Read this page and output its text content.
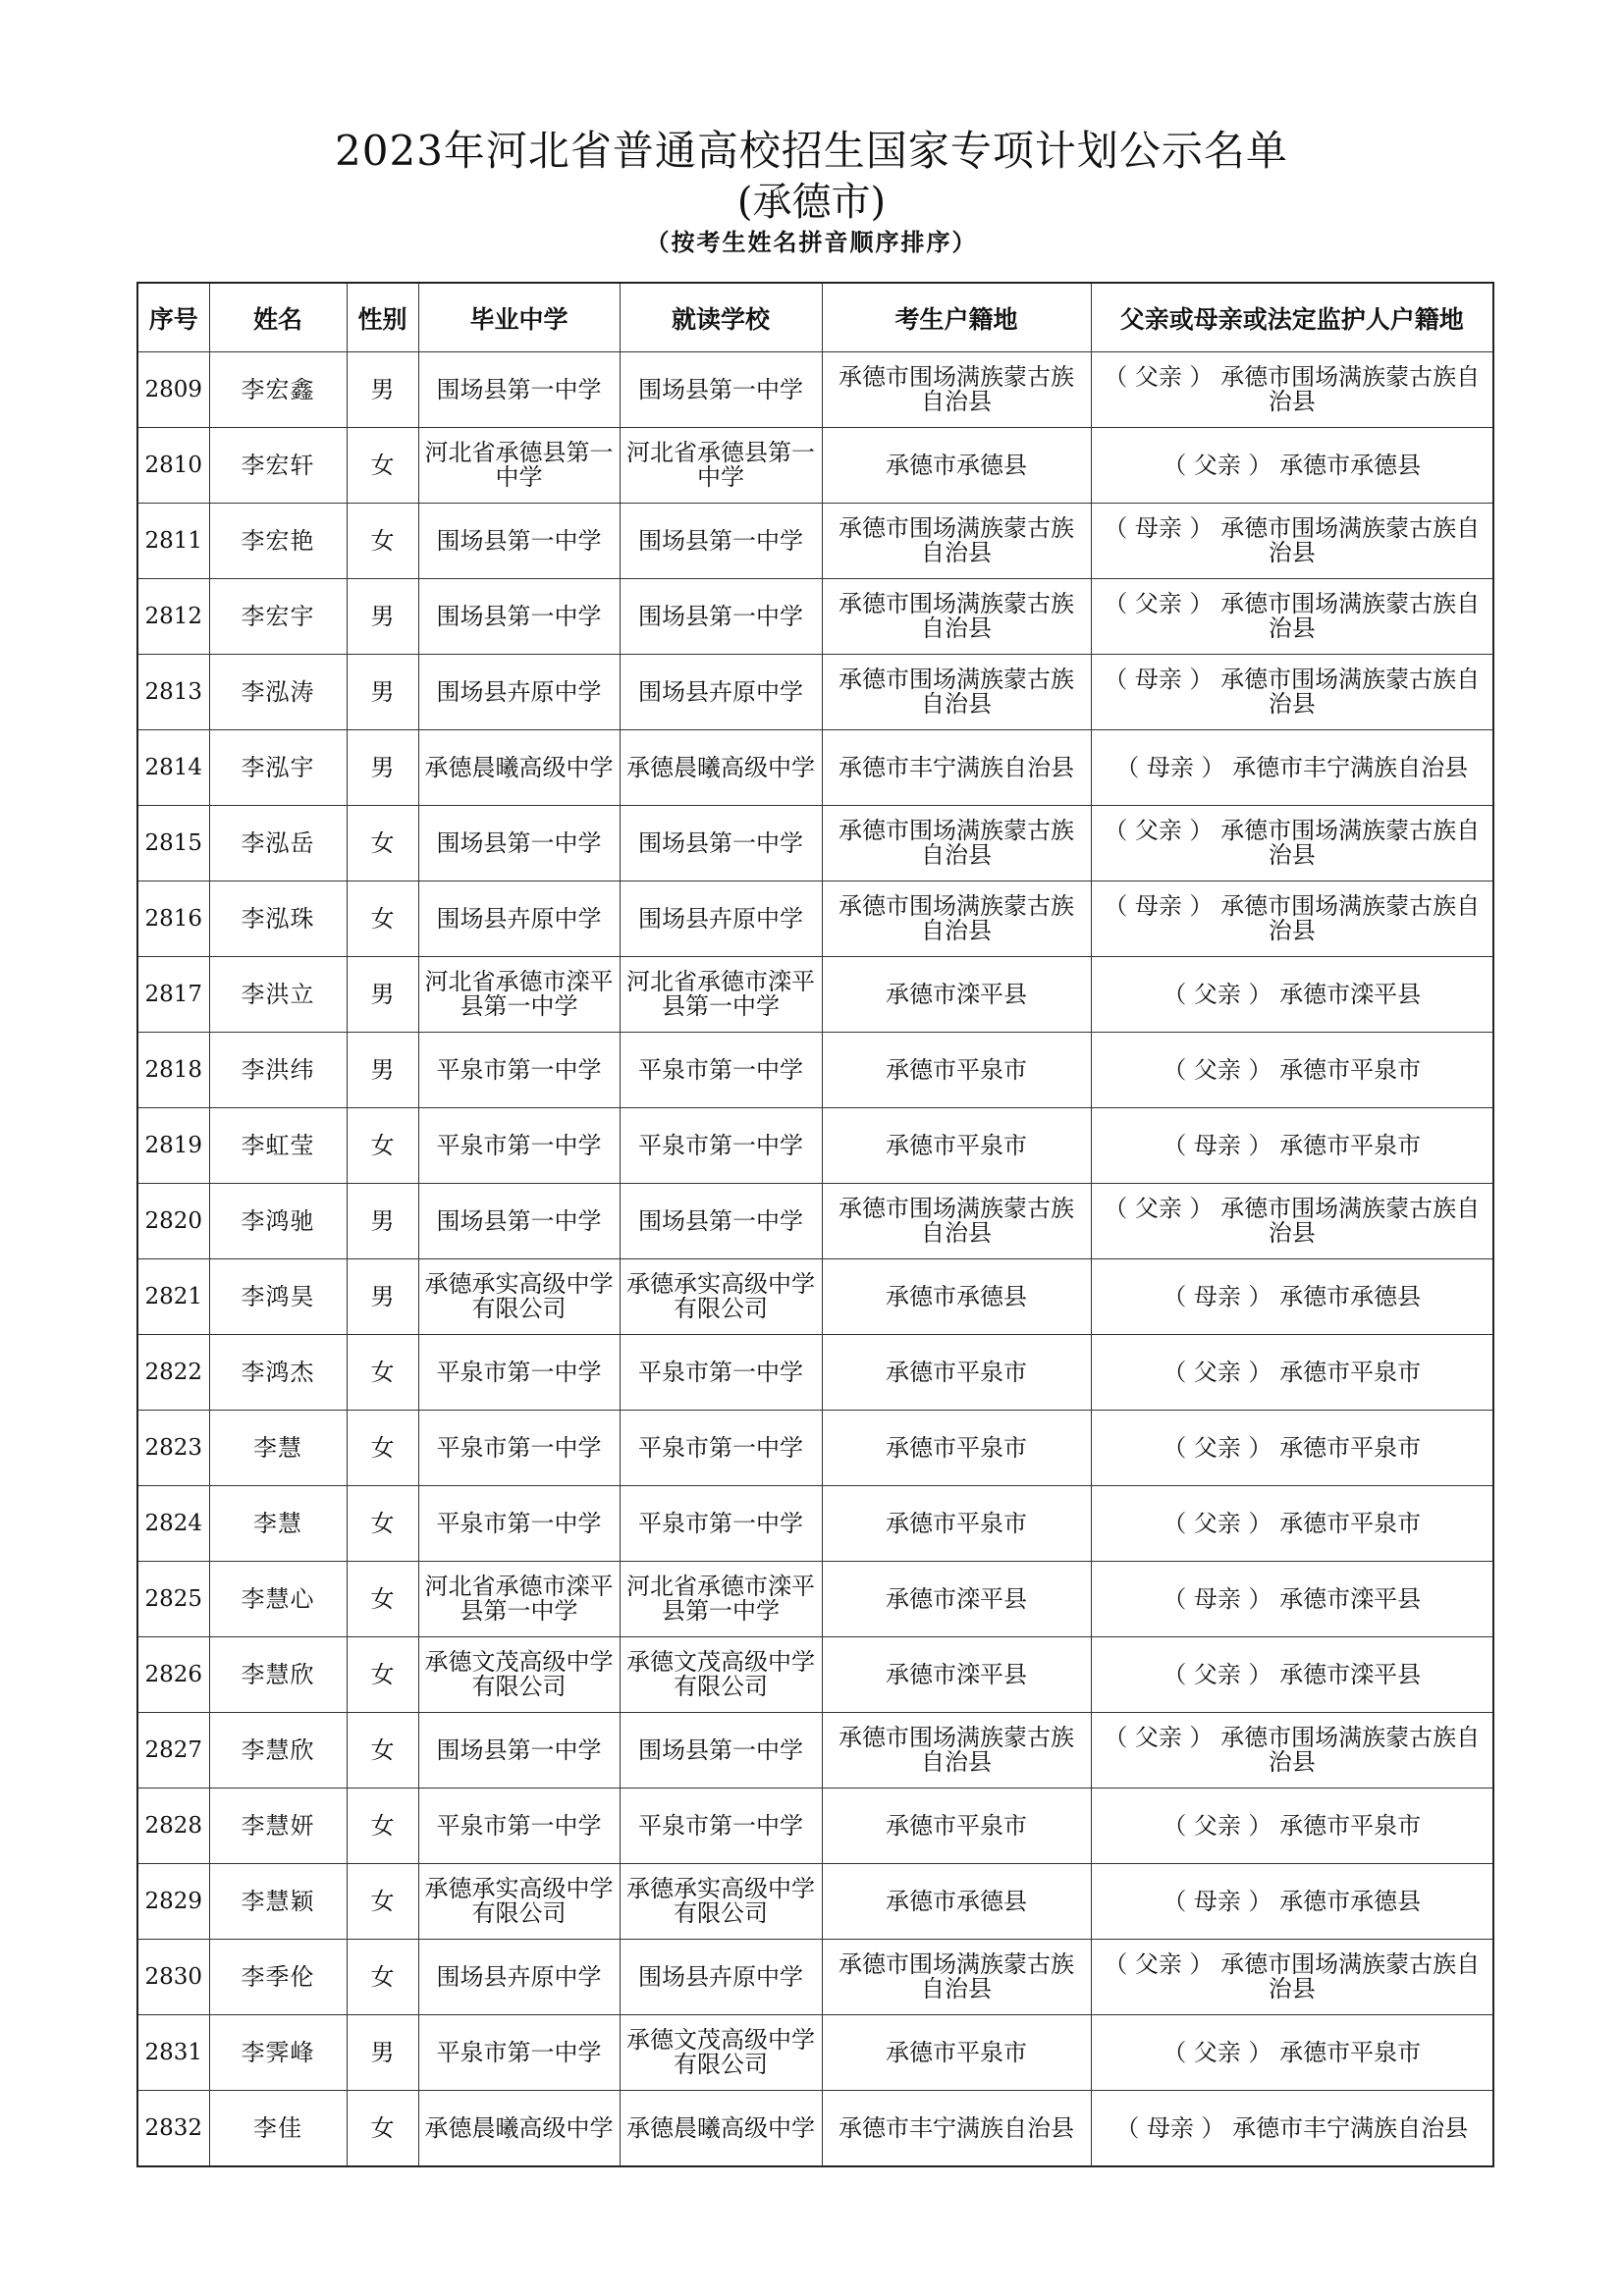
2023年河北省普通高校招生国家专项计划公示名单
(承德市)
（按考生姓名拼音顺序排序）
序号	姓名	性别	毕业中学	就读学校	考生户籍地	父亲或母亲或法定监护人户籍地
2809	李宏鑫	男	围场县第一中学	围场县第一中学	承德市围场满族蒙古族自治县	（ 父亲 ） 承德市围场满族蒙古族自治县
2810	李宏轩	女	河北省承德县第一中学	河北省承德县第一中学	承德市承德县	（ 父亲 ） 承德市承德县
2811	李宏艳	女	围场县第一中学	围场县第一中学	承德市围场满族蒙古族自治县	（ 母亲 ） 承德市围场满族蒙古族自治县
2812	李宏宇	男	围场县第一中学	围场县第一中学	承德市围场满族蒙古族自治县	（ 父亲 ） 承德市围场满族蒙古族自治县
2813	李泓涛	男	围场县卉原中学	围场县卉原中学	承德市围场满族蒙古族自治县	（ 母亲 ） 承德市围场满族蒙古族自治县
2814	李泓宇	男	承德晨曦高级中学	承德晨曦高级中学	承德市丰宁满族自治县	（ 母亲 ） 承德市丰宁满族自治县
2815	李泓岳	女	围场县第一中学	围场县第一中学	承德市围场满族蒙古族自治县	（ 父亲 ） 承德市围场满族蒙古族自治县
2816	李泓珠	女	围场县卉原中学	围场县卉原中学	承德市围场满族蒙古族自治县	（ 母亲 ） 承德市围场满族蒙古族自治县
2817	李洪立	男	河北省承德市滦平县第一中学	河北省承德市滦平县第一中学	承德市滦平县	（ 父亲 ） 承德市滦平县
2818	李洪纬	男	平泉市第一中学	平泉市第一中学	承德市平泉市	（ 父亲 ） 承德市平泉市
2819	李虹莹	女	平泉市第一中学	平泉市第一中学	承德市平泉市	（ 母亲 ） 承德市平泉市
2820	李鸿驰	男	围场县第一中学	围场县第一中学	承德市围场满族蒙古族自治县	（ 父亲 ） 承德市围场满族蒙古族自治县
2821	李鸿昊	男	承德承实高级中学有限公司	承德承实高级中学有限公司	承德市承德县	（ 母亲 ） 承德市承德县
2822	李鸿杰	女	平泉市第一中学	平泉市第一中学	承德市平泉市	（ 父亲 ） 承德市平泉市
2823	李慧	女	平泉市第一中学	平泉市第一中学	承德市平泉市	（ 父亲 ） 承德市平泉市
2824	李慧	女	平泉市第一中学	平泉市第一中学	承德市平泉市	（ 父亲 ） 承德市平泉市
2825	李慧心	女	河北省承德市滦平县第一中学	河北省承德市滦平县第一中学	承德市滦平县	（ 母亲 ） 承德市滦平县
2826	李慧欣	女	承德文茂高级中学有限公司	承德文茂高级中学有限公司	承德市滦平县	（ 父亲 ） 承德市滦平县
2827	李慧欣	女	围场县第一中学	围场县第一中学	承德市围场满族蒙古族自治县	（ 父亲 ） 承德市围场满族蒙古族自治县
2828	李慧妍	女	平泉市第一中学	平泉市第一中学	承德市平泉市	（ 父亲 ） 承德市平泉市
2829	李慧颖	女	承德承实高级中学有限公司	承德承实高级中学有限公司	承德市承德县	（ 母亲 ） 承德市承德县
2830	李季伦	女	围场县卉原中学	围场县卉原中学	承德市围场满族蒙古族自治县	（ 父亲 ） 承德市围场满族蒙古族自治县
2831	李霁峰	男	平泉市第一中学	承德文茂高级中学有限公司	承德市平泉市	（ 父亲 ） 承德市平泉市
2832	李佳	女	承德晨曦高级中学	承德晨曦高级中学	承德市丰宁满族自治县	（ 母亲 ） 承德市丰宁满族自治县
